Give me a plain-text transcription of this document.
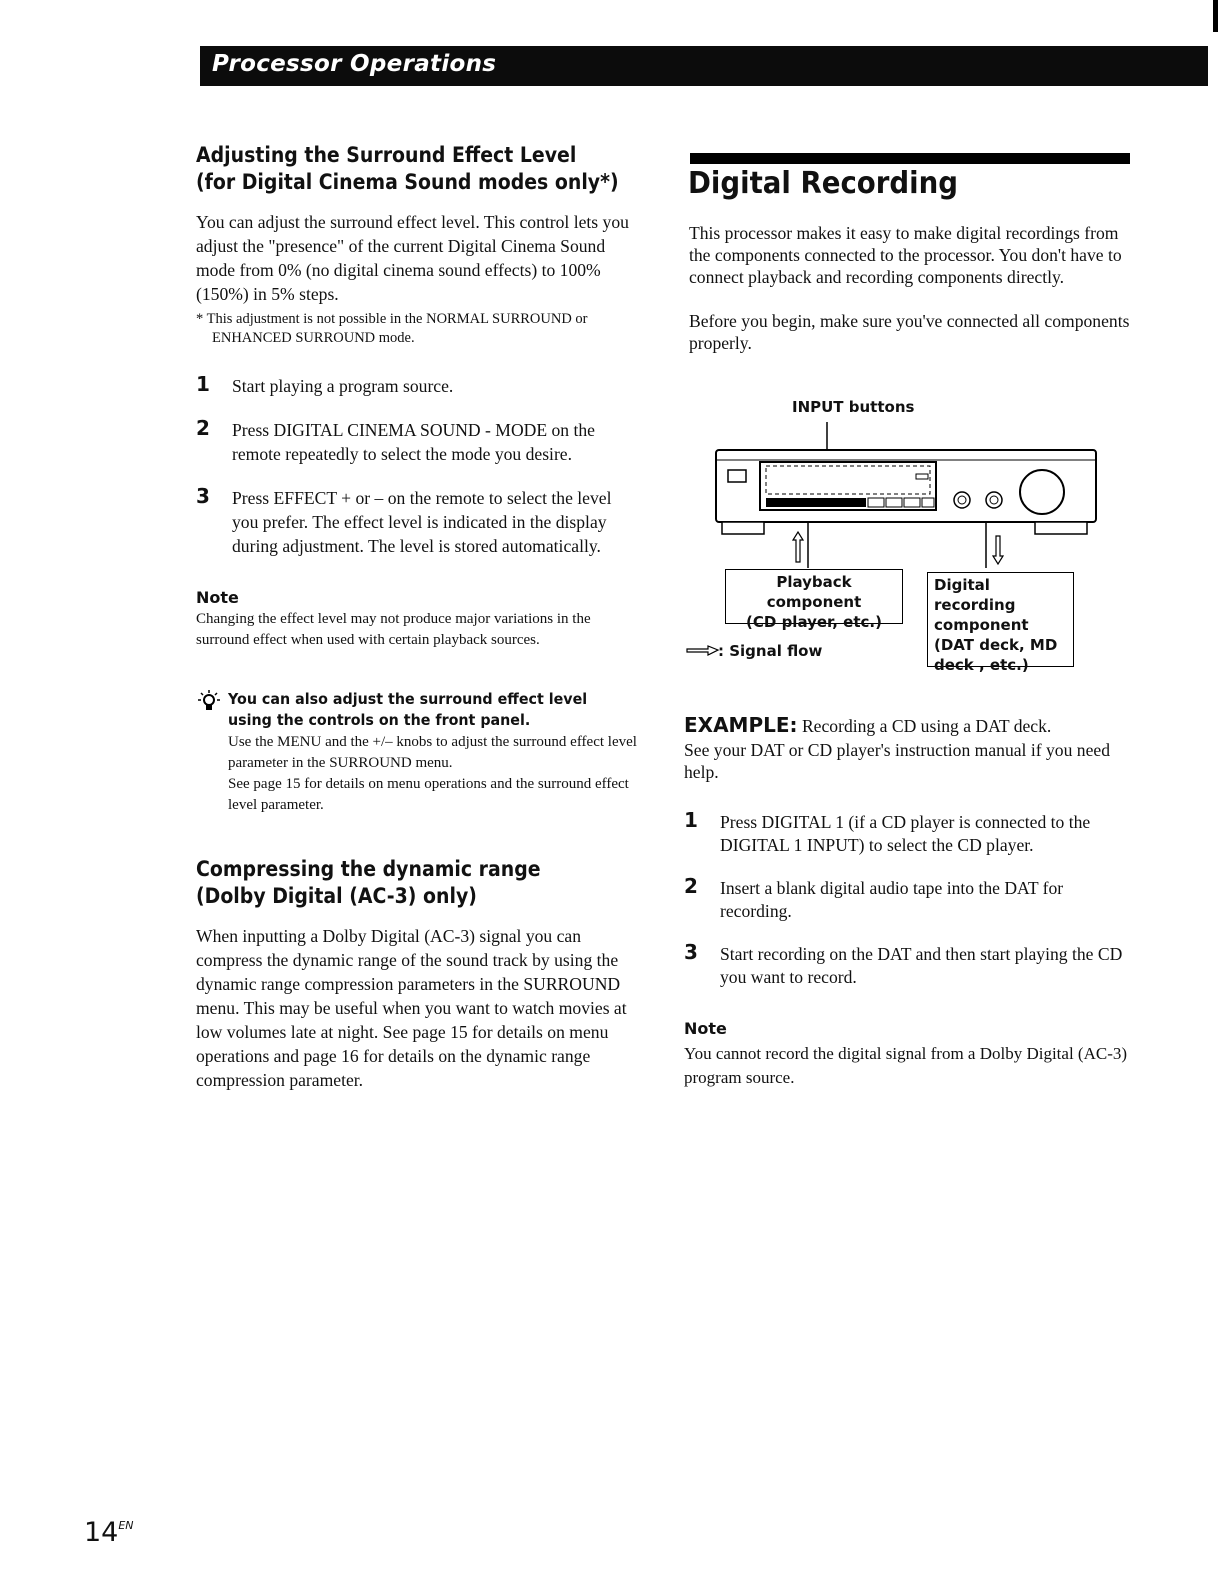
Processor Operations
Adjusting the Surround Effect Level
(for Digital Cinema Sound modes only*)

You can adjust the surround effect level. This control lets you adjust the "presence" of the current Digital Cinema Sound mode from 0% (no digital cinema sound effects) to 100%(150%) in 5% steps.

* This adjustment is not possible in the NORMAL SURROUND or ENHANCED SURROUND mode.

1 Start playing a program source.
2 Press DIGITAL CINEMA SOUND - MODE on the remote repeatedly to select the mode you desire.
3 Press EFFECT + or – on the remote to select the level you prefer. The effect level is indicated in the display during adjustment. The level is stored automatically.

Note

Changing the effect level may not produce major variations in the surround effect when used with certain playback sources.

You can also adjust the surround effect level using the controls on the front panel.
Use the MENU and the +/– knobs to adjust the surround effect level parameter in the SURROUND menu.
See page 15 for details on menu operations and the surround effect level parameter.
Compressing the dynamic range (Dolby Digital (AC-3) only)

When inputting a Dolby Digital (AC-3) signal you can compress the dynamic range of the sound track by using the dynamic range compression parameters in the SURROUND menu. This may be useful when you want to watch movies at low volumes late at night. See page 15 for details on menu operations and page 16 for details on the dynamic range compression parameter.

Digital Recording

This processor makes it easy to make digital recordings from the components connected to the processor. You don't have to connect playback and recording components directly.

Before you begin, make sure you've connected all components properly.

INPUT buttons
Playback component
(CD player, etc.)
Digital recording
component
(DAT deck, MD
deck , etc.)
: Signal flow
EXAMPLE: Recording a CD using a DAT deck.

See your DAT or CD player's instruction manual if you need help.

1 Press DIGITAL 1 (if a CD player is connected to the DIGITAL 1 INPUT) to select the CD player.
2 Insert a blank digital audio tape into the DAT for recording.
3 Start recording on the DAT and then start playing the CD you want to record.

Note

You cannot record the digital signal from a Dolby Digital (AC-3) program source.

$14^{EN}$
